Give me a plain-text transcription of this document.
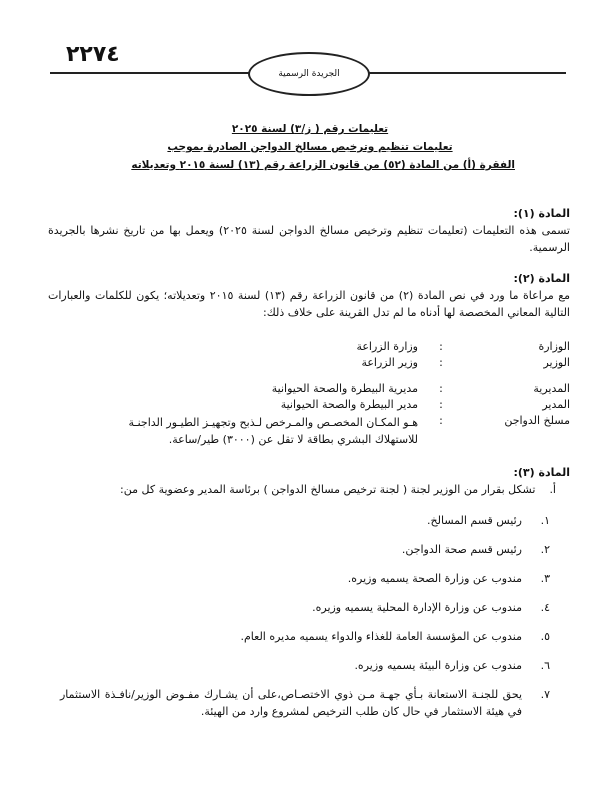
٢٢٧٤
الجريدة الرسمية
تعليمات رقم ( ز/٣) لسنة ٢٠٢٥
تعليمات تنظيم وترخيص مسالخ الدواجن الصادرة بموجب
الفقرة (أ) من المادة (٥٢) من قانون الزراعة رقم (١٣) لسنة ٢٠١٥ وتعديلاته
المادة (١):
تسمى هذه التعليمات (تعليمات تنظيم وترخيص مسالخ الدواجن لسنة ٢٠٢٥) ويعمل بها من تاريخ نشرها بالجريدة الرسمية.
المادة (٢):
مع مراعاة ما ورد في نص المادة (٢) من قانون الزراعة رقم (١٣) لسنة ٢٠١٥ وتعديلاته؛ يكون للكلمات والعبارات التالية المعاني المخصصة لها أدناه ما لم تدل القرينة على خلاف ذلك:
الوزارة
:
وزارة الزراعة
الوزير
:
وزير الزراعة
المديرية
:
مديرية البيطرة والصحة الحيوانية
المدير
:
مدير البيطرة والصحة الحيوانية
مسلخ الدواجن
:
هـو المكـان المخصـص والمـرخص لـذبح وتجهيـز الطيـور الداجنـة للاستهلاك البشري بطاقة لا تقل عن (٣٠٠٠) طير/ساعة.
المادة (٣):
أ.    تشكل بقرار من الوزير لجنة ( لجنة ترخيص مسالخ الدواجن ) برئاسة المدير وعضوية كل من:
١.
رئيس قسم المسالخ.
٢.
رئيس قسم صحة الدواجن.
٣.
مندوب عن وزارة الصحة يسميه وزيره.
٤.
مندوب عن وزارة الإدارة المحلية يسميه وزيره.
٥.
مندوب عن المؤسسة العامة للغذاء والدواء يسميه مديره العام.
٦.
مندوب عن وزارة البيئة يسميه وزيره.
٧.
يحق للجنـة الاستعانة بـأي جهـة مـن ذوي الاختصـاص،على أن يشـارك مفـوض الوزير/نافـذة الاستثمار في هيئة الاستثمار في حال كان طلب الترخيص لمشروع وارد من الهيئة.
